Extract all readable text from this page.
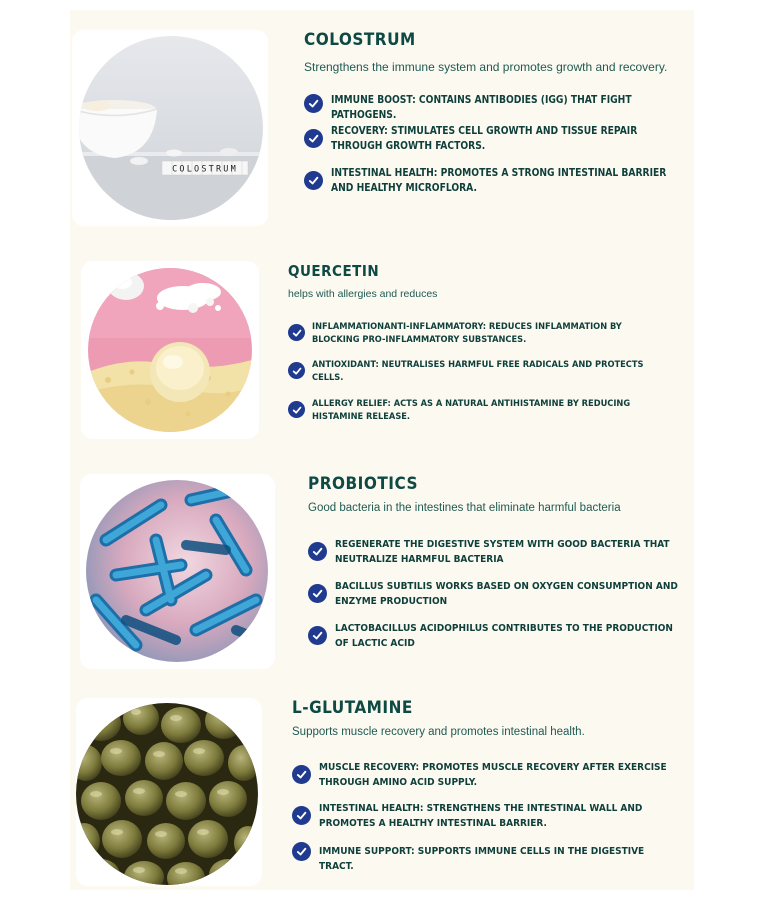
COLOSTRUM
COLOSTRUM

Strengthens the immune system and promotes growth and recovery.

IMMUNE BOOST: CONTAINS ANTIBODIES (IGG) THAT FIGHT PATHOGENS.
RECOVERY: STIMULATES CELL GROWTH AND TISSUE REPAIR THROUGH GROWTH FACTORS.
INTESTINAL HEALTH: PROMOTES A STRONG INTESTINAL BARRIER AND HEALTHY MICROFLORA.
QUERCETIN

helps with allergies and reduces

INFLAMMATIONANTI-INFLAMMATORY: REDUCES INFLAMMATION BY BLOCKING PRO-INFLAMMATORY SUBSTANCES.
ANTIOXIDANT: NEUTRALISES HARMFUL FREE RADICALS AND PROTECTS CELLS.
ALLERGY RELIEF: ACTS AS A NATURAL ANTIHISTAMINE BY REDUCING HISTAMINE RELEASE.
PROBIOTICS

Good bacteria in the intestines that eliminate harmful bacteria

REGENERATE THE DIGESTIVE SYSTEM WITH GOOD BACTERIA THAT NEUTRALIZE HARMFUL BACTERIA
BACILLUS SUBTILIS WORKS BASED ON OXYGEN CONSUMPTION AND ENZYME PRODUCTION
LACTOBACILLUS ACIDOPHILUS CONTRIBUTES TO THE PRODUCTION OF LACTIC ACID
L-GLUTAMINE

Supports muscle recovery and promotes intestinal health.

MUSCLE RECOVERY: PROMOTES MUSCLE RECOVERY AFTER EXERCISE THROUGH AMINO ACID SUPPLY.
INTESTINAL HEALTH: STRENGTHENS THE INTESTINAL WALL AND PROMOTES A HEALTHY INTESTINAL BARRIER.
IMMUNE SUPPORT: SUPPORTS IMMUNE CELLS IN THE DIGESTIVE TRACT.
